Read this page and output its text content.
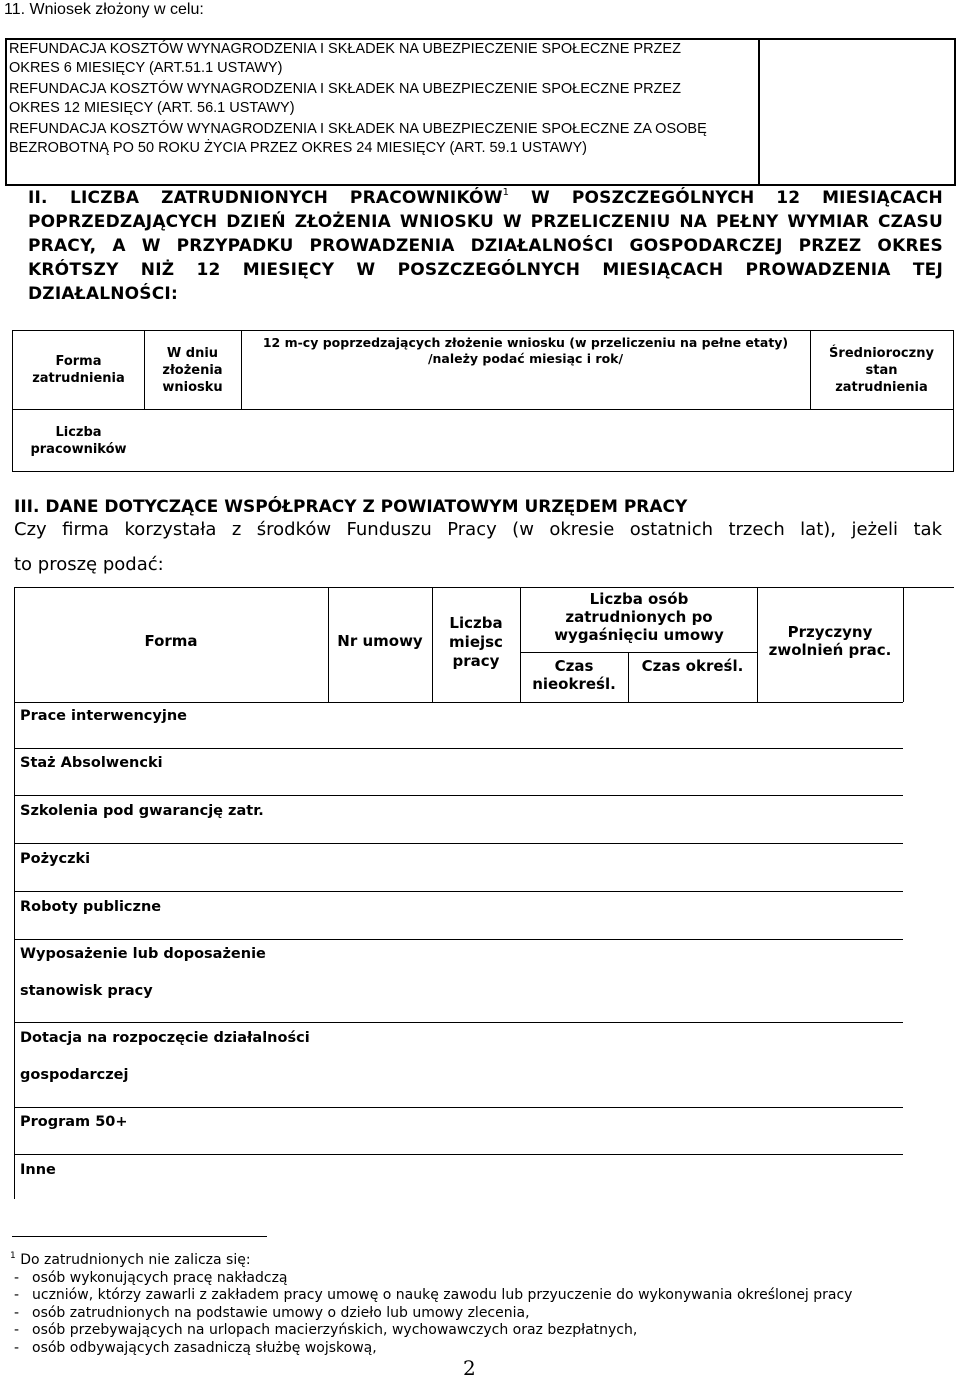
11. Wniosek złożony w celu:
REFUNDACJA KOSZTÓW WYNAGRODZENIA I SKŁADEK NA UBEZPIECZENIE SPOŁECZNE PRZEZ
OKRES 6 MIESIĘCY (ART.51.1 USTAWY)
REFUNDACJA KOSZTÓW WYNAGRODZENIA I SKŁADEK NA UBEZPIECZENIE SPOŁECZNE PRZEZ
OKRES 12 MIESIĘCY (ART. 56.1 USTAWY)
REFUNDACJA KOSZTÓW WYNAGRODZENIA I SKŁADEK NA UBEZPIECZENIE SPOŁECZNE ZA OSOBĘ
BEZROBOTNĄ PO 50 ROKU ŻYCIA PRZEZ OKRES 24 MIESIĘCY (ART. 59.1 USTAWY)
II. LICZBA ZATRUDNIONYCH PRACOWNIKÓW$^1$ W POSZCZEGÓLNYCH 12 MIESIĄCACH POPRZEDZAJĄCYCH DZIEŃ ZŁOŻENIA WNIOSKU W PRZELICZENIU NA PEŁNY WYMIAR CZASU PRACY, A W PRZYPADKU PROWADZENIA DZIAŁALNOŚCI GOSPODARCZEJ PRZEZ OKRES KRÓTSZY NIŻ 12 MIESIĘCY W POSZCZEGÓLNYCH MIESIĄCACH PROWADZENIA TEJ DZIAŁALNOŚCI:
Forma zatrudnienia
W dniu złożenia wniosku
12 m-cy poprzedzających złożenie wniosku (w przeliczeniu na pełne etaty) /należy podać miesiąc i rok/	Średnioroczny stan zatrudnienia
Liczba pracowników
III. DANE DOTYCZĄCE WSPÓŁPRACY Z POWIATOWYM URZĘDEM PRACY
Czy firma korzystała z środków Funduszu Pracy (w okresie ostatnich trzech lat), jeżeli tak
to proszę podać:
Forma	Nr umowy
Liczba miejsc pracy
Liczba osób zatrudnionych po wygaśnięciu umowy
Czas nieokreśl.
Czas określ.
Przyczyny zwolnień prac.
Prace interwencyjne
Staż Absolwencki
Szkolenia pod gwarancję zatr.
Pożyczki
Roboty publiczne
Wyposażenie lub doposażenie
stanowisk pracy
Dotacja na rozpoczęcie działalności
gospodarczej
Program 50+
Inne
$^1$ Do zatrudnionych nie zalicza się:
- osób wykonujących pracę nakładczą
- uczniów, którzy zawarli z zakładem pracy umowę o naukę zawodu lub przyuczenie do wykonywania określonej pracy
- osób zatrudnionych na podstawie umowy o dzieło lub umowy zlecenia,
- osób przebywających na urlopach macierzyńskich, wychowawczych oraz bezpłatnych,
- osób odbywających zasadniczą służbę wojskową,
2
